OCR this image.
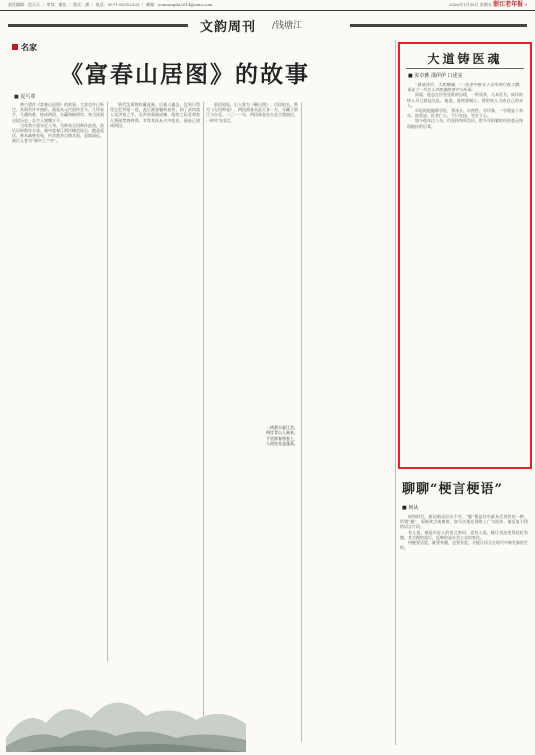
责任编辑：范天天 ｜ 审读：俞佳 ｜ 版式：潘 ｜ 电话：0571-85312335 ｜ 邮箱：younongda2014@sina.com	2026年1月30日 星期五 浙江老年报 9
文韵周刊 /钱塘江
名家
《富春山居图》的故事
■ 夏丐尊

黄公望作《富春山居图》的故事，大家也许已听过，其间有许多曲折。画卷从元代流传至今，几经易手，几遭劫难，终成两段，分藏海峡两岸。每当读到这段历史，总令人感慨万千。

当年黄公望年近八旬，为师弟无用师作此图，前后历时数年方成。画中富春江两岸峰峦坡石，随意起伏，林木疏密有致，村舍渔舟点缀其间，意境深远，被后人誉为“画中之兰亭”。

明代沈周曾收藏此画，后被人骗去，沈周只得凭记忆背临一卷。此后画卷辗转流传，到了清初落入吴洪裕之手。吴洪裕爱画成痴，临终之际竟命家人将画焚烧殉葬，幸得其侄从火中抢出，画卷已烧成两段。

前段较短，后人称为《剩山图》；后段较长，称为《无用师卷》。两段画卷从此天各一方，分藏于浙江与台北。二〇一一年，两段画卷在台北合璧展出，一时传为佳话。

一湾碧水春江美，
两岸青山入画来。
千里富春图卷上，
人间处处是蓬莱。
大道铸医魂
■ 张卓雅 邵伊伊 口述实

“悬壶济世，大医精诚。”一位老中医五十余年的行医之路，见证了一代代人对医道的坚守与传承。

清晨，他总在诊室里准时出现，一杯清茶，几本医书，候诊的病人早已排起长队。他说，看病要耐心，要把病人当成自己的亲人。

年轻时他随师学医，背汤头、识药性、学诊脉，一学便是十余年。他常说，医者仁心，不只在技，更在于心。

如今他年过八旬，仍坚持每周坐诊，把多年积累的经验毫无保留地传给后辈。

聊聊“梗言梗语”
■ 何从

网络时代，新词新语层出不穷，“梗”便是其中最具代表性的一种。所谓“梗”，原指笑点或典故，如今泛指在网络上广为流传、被反复引用的语言片段。

有人说，梗是年轻人的语言密码；也有人说，梗让表达变得轻松有趣。其实梗的流行，反映的是社会心态的变化。

用梗要适度，既要有趣，也要有度，方能让语言在时代中焕发新的生机。
